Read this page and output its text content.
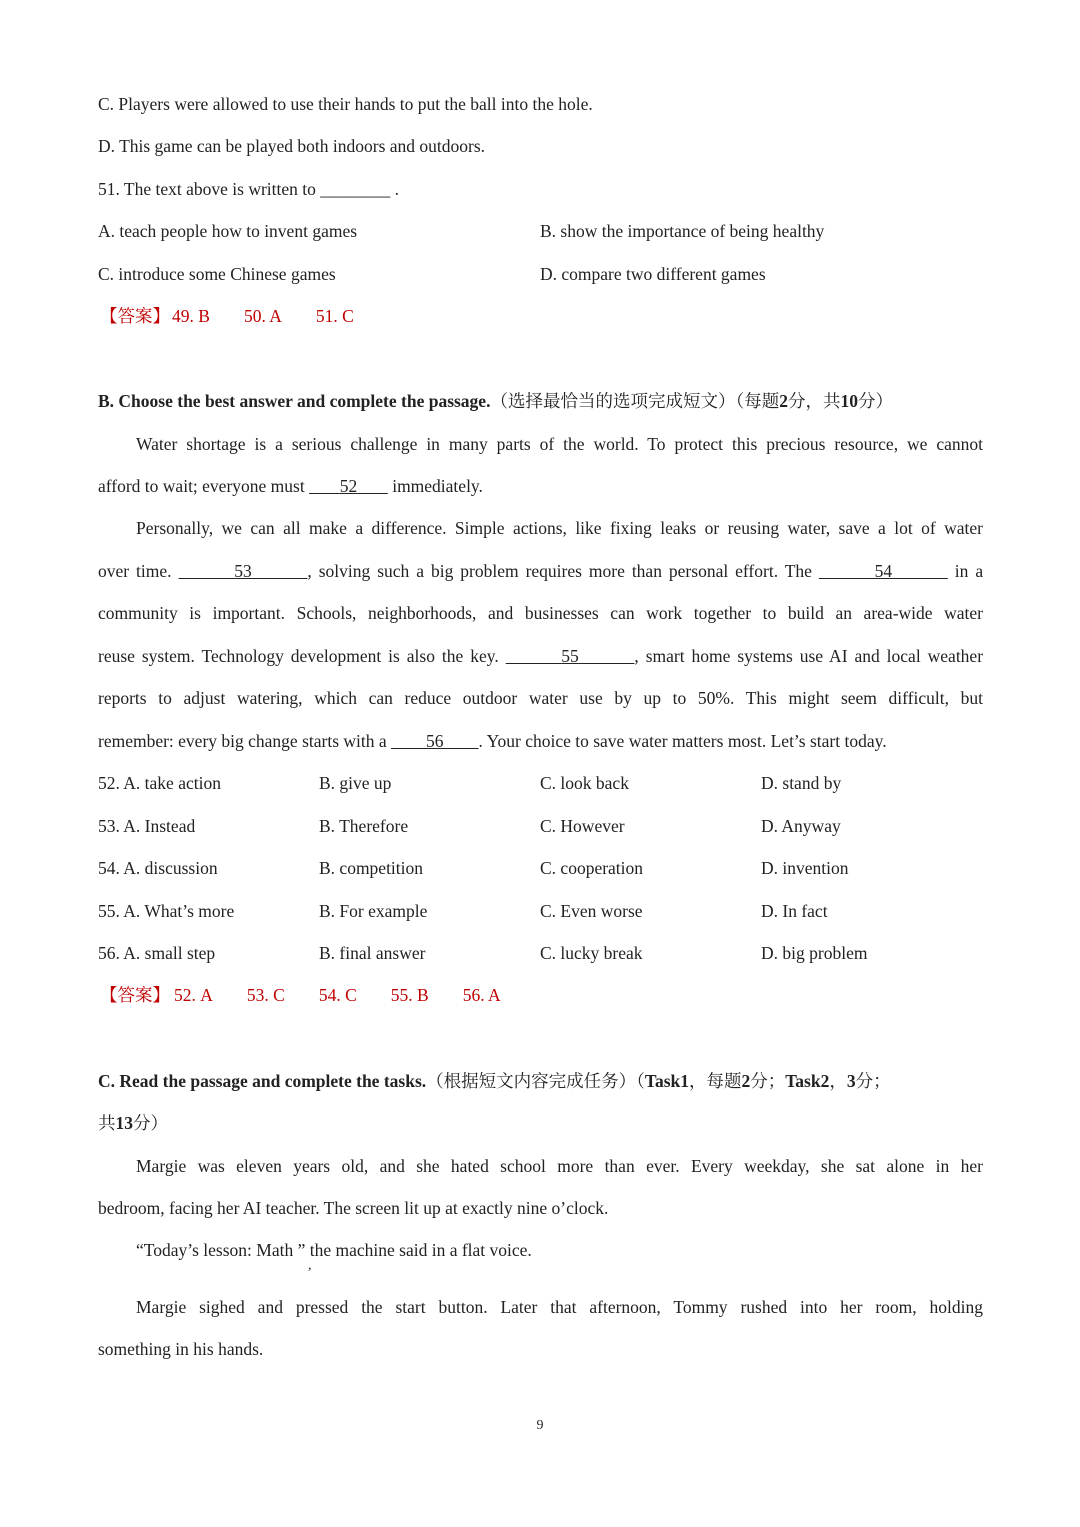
C. Players were allowed to use their hands to put the ball into the hole.
D. This game can be played both indoors and outdoors.
51. The text above is written to ________ .
A. teach people how to invent games	B. show the importance of being healthy
C. introduce some Chinese games	D. compare two different games
【答案】 49. B 50. A 51. C
B. Choose the best answer and complete the passage.（选择最恰当的选项完成短文）（每题2分，共10分）
Water shortage is a serious challenge in many parts of the world. To protect this precious resource, we cannot
afford to wait; everyone must 52 immediately.
Personally, we can all make a difference. Simple actions, like fixing leaks or reusing water, save a lot of water
over time.	53	, solving such a big problem requires more than personal effort. The	54	in a
community is important. Schools, neighborhoods, and businesses can work together to build an area-wide water
reuse system. Technology development is also the key.	55	, smart home systems use AI and local weather
reports to adjust watering, which can reduce outdoor water use by up to 50%. This might seem difficult, but
remember: every big change starts with a 56 . Your choice to save water matters most. Let’s start today.
52. A. take action	B. give up	C. look back	D. stand by
53. A. Instead	B. Therefore	C. However	D. Anyway
54. A. discussion	B. competition	C. cooperation	D. invention
55. A. What’s more	B. For example	C. Even worse	D. In fact
56. A. small step	B. final answer	C. lucky break	D. big problem
【答案】 52. A 53. C 54. C 55. B 56. A
C. Read the passage and complete the tasks.（根据短文内容完成任务）（Task1，每题2分；Task2，3分；
共13分）
Margie was eleven years old, and she hated school more than ever. Every weekday, she sat alone in her
bedroom, facing her AI teacher. The screen lit up at exactly nine o’clock.
“Today’s lesson: Math ” the machine said in a flat voice.
,
Margie sighed and pressed the start button. Later that afternoon, Tommy rushed into her room, holding
something in his hands.
9
